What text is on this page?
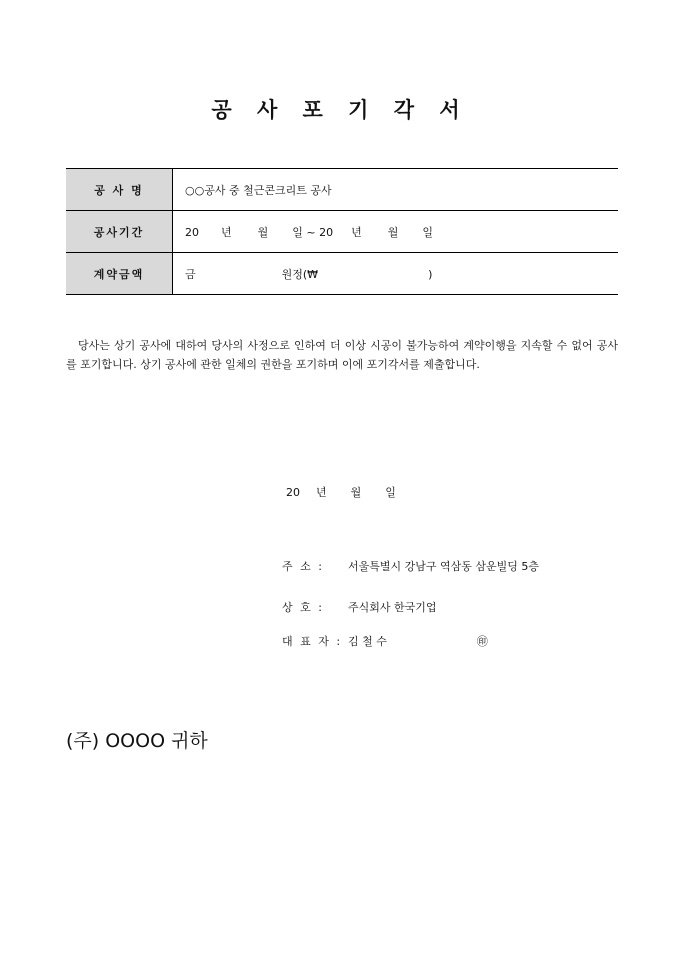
공 사 포 기 각 서
공 사 명	○○공사 중 철근콘크리트 공사
공사기간	20 년 월 일 ~ 20 년 월 일
계약금액	금 원정(₩ )
당사는 상기 공사에 대하여 당사의 사정으로 인하여 더 이상 시공이 불가능하여 계약이행을 지속할 수 없어 공사를 포기합니다. 상기 공사에 관한 일체의 권한을 포기하며 이에 포기각서를 제출합니다.
20 년 월 일
주 소 : 서울특별시 강남구 역삼동 삼운빌딩 5층
상 호 : 주식회사 한국기업
대 표 자 : 김 철 수	㊞
(주) OOOO 귀하
